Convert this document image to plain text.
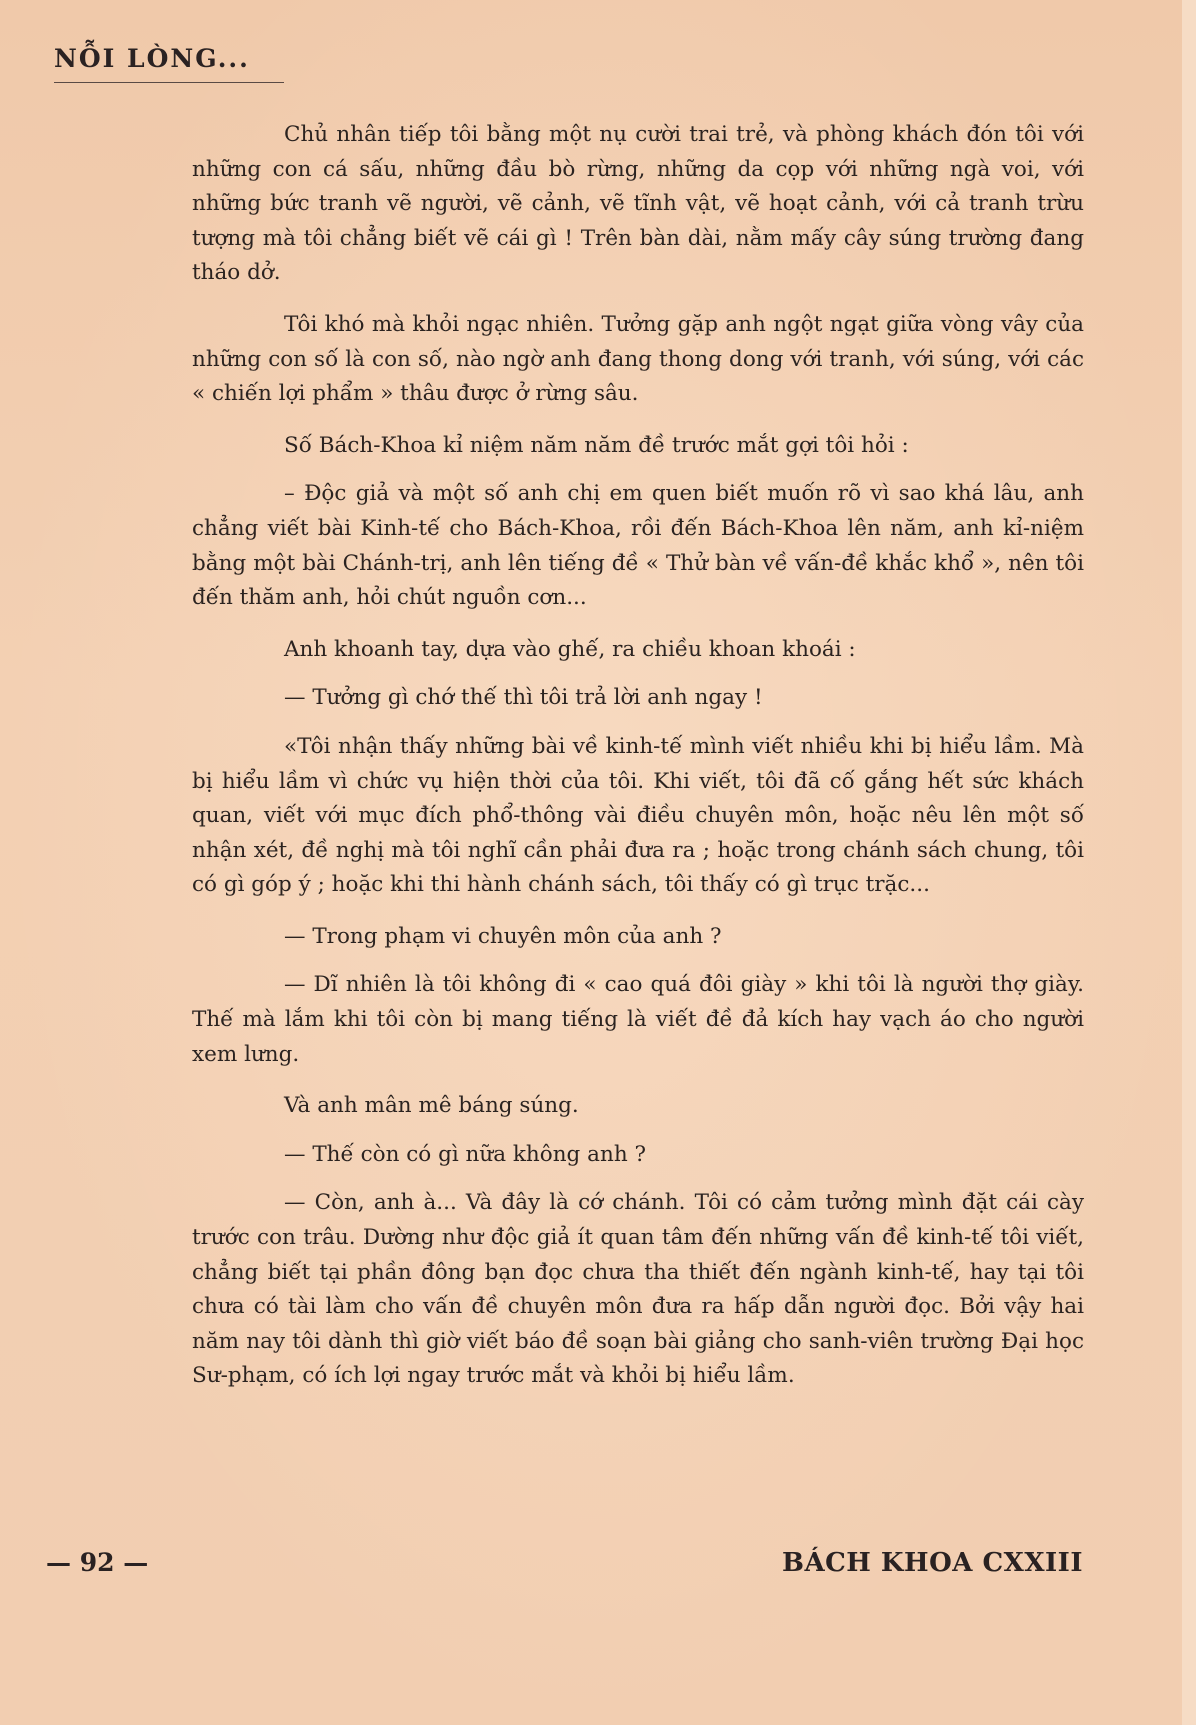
NỖI LÒNG...

Chủ nhân tiếp tôi bằng một nụ cười trai trẻ, và phòng khách đón tôi với những con cá sấu, những đầu bò rừng, những da cọp với những ngà voi, với những bức tranh vẽ người, vẽ cảnh, vẽ tĩnh vật, vẽ hoạt cảnh, với cả tranh trừu tượng mà tôi chẳng biết vẽ cái gì ! Trên bàn dài, nằm mấy cây súng trường đang tháo dở.

Tôi khó mà khỏi ngạc nhiên. Tưởng gặp anh ngột ngạt giữa vòng vây của những con số là con số, nào ngờ anh đang thong dong với tranh, với súng, với các « chiến lợi phẩm » thâu được ở rừng sâu.

Số Bách-Khoa kỉ niệm năm năm đề trước mắt gợi tôi hỏi :

– Độc giả và một số anh chị em quen biết muốn rõ vì sao khá lâu, anh chẳng viết bài Kinh-tế cho Bách-Khoa, rồi đến Bách-Khoa lên năm, anh kỉ-niệm bằng một bài Chánh-trị, anh lên tiếng đề « Thử bàn về vấn-đề khắc khổ », nên tôi đến thăm anh, hỏi chút nguồn cơn...

Anh khoanh tay, dựa vào ghế, ra chiều khoan khoái :

— Tưởng gì chớ thế thì tôi trả lời anh ngay !

«Tôi nhận thấy những bài về kinh-tế mình viết nhiều khi bị hiểu lầm. Mà bị hiểu lầm vì chức vụ hiện thời của tôi. Khi viết, tôi đã cố gắng hết sức khách quan, viết với mục đích phổ-thông vài điều chuyên môn, hoặc nêu lên một số nhận xét, đề nghị mà tôi nghĩ cần phải đưa ra ; hoặc trong chánh sách chung, tôi có gì góp ý ; hoặc khi thi hành chánh sách, tôi thấy có gì trục trặc...

— Trong phạm vi chuyên môn của anh ?

— Dĩ nhiên là tôi không đi « cao quá đôi giày » khi tôi là người thợ giày. Thế mà lắm khi tôi còn bị mang tiếng là viết đề đả kích hay vạch áo cho người xem lưng.

Và anh mân mê báng súng.

— Thế còn có gì nữa không anh ?

— Còn, anh à... Và đây là cớ chánh. Tôi có cảm tưởng mình đặt cái cày trước con trâu. Dường như độc giả ít quan tâm đến những vấn đề kinh-tế tôi viết, chẳng biết tại phần đông bạn đọc chưa tha thiết đến ngành kinh-tế, hay tại tôi chưa có tài làm cho vấn đề chuyên môn đưa ra hấp dẫn người đọc. Bởi vậy hai năm nay tôi dành thì giờ viết báo đề soạn bài giảng cho sanh-viên trường Đại học Sư-phạm, có ích lợi ngay trước mắt và khỏi bị hiểu lầm.

— 92 —	BÁCH KHOA CXXIII
